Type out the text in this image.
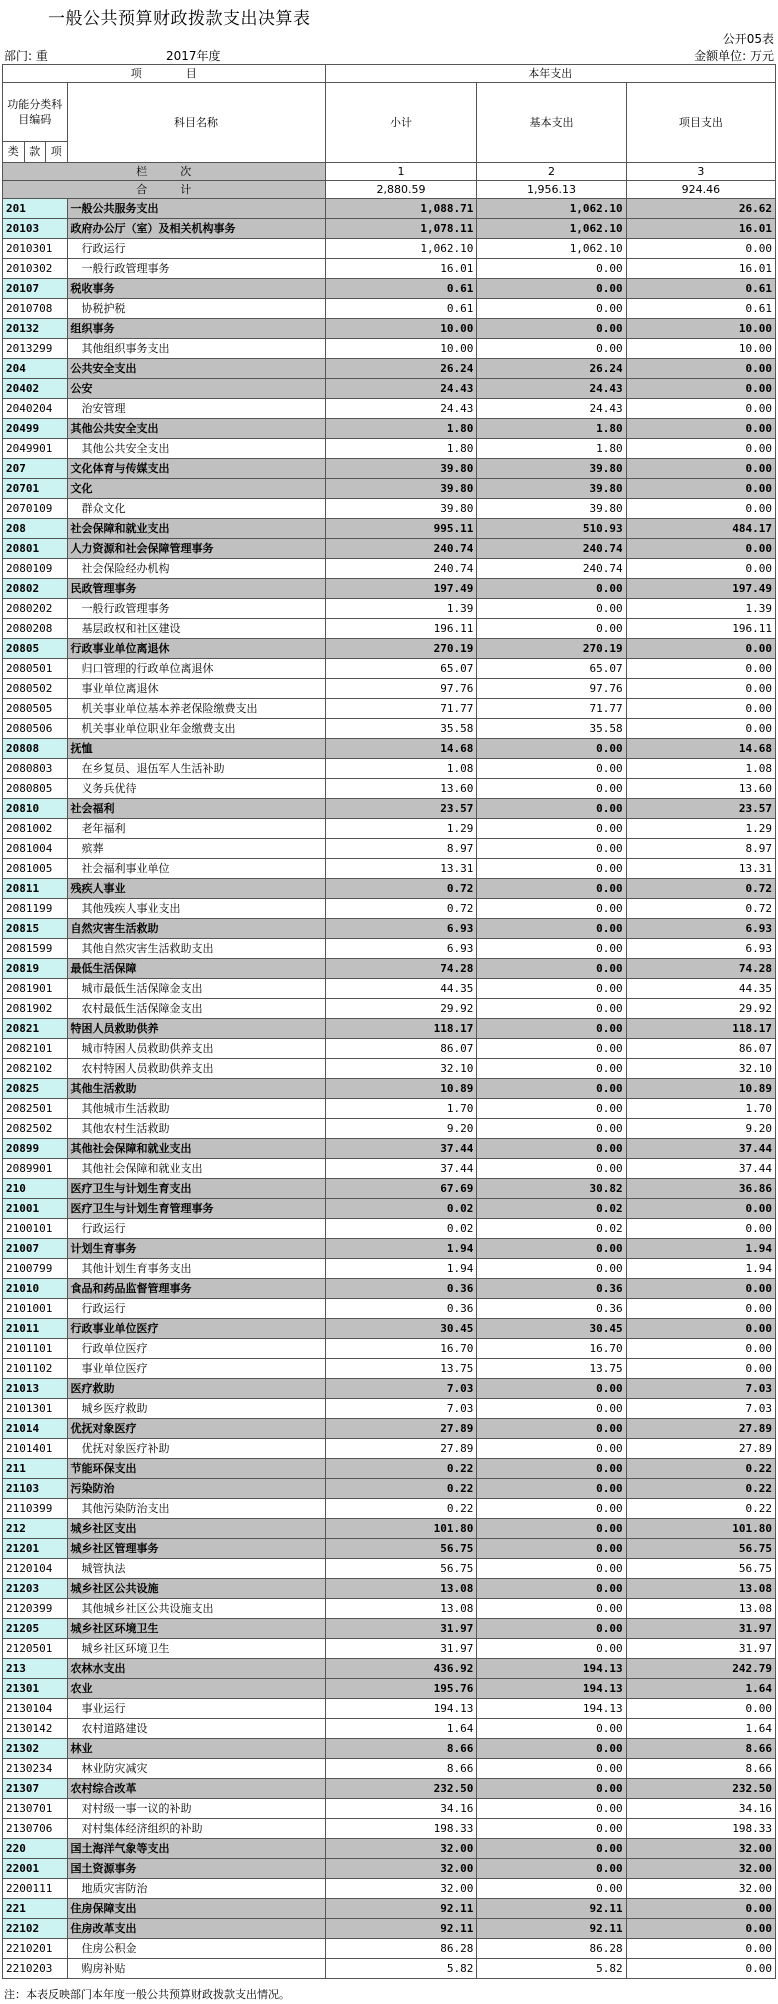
一般公共预算财政拨款支出决算表
公开05表
部门: 重	2017年度	金额单位: 万元
项　　　　目				本年支出		
功能分类科目编码			科目名称	小计	基本支出	项目支出
类	款	项				
栏　　　次				1	2	3
合　　　计				2,880.59	1,956.13	924.46
201			一般公共服务支出	1,088.71	1,062.10	26.62
20103			政府办公厅（室）及相关机构事务	1,078.11	1,062.10	16.01
2010301			行政运行	1,062.10	1,062.10	0.00
2010302			一般行政管理事务	16.01	0.00	16.01
20107			税收事务	0.61	0.00	0.61
2010708			协税护税	0.61	0.00	0.61
20132			组织事务	10.00	0.00	10.00
2013299			其他组织事务支出	10.00	0.00	10.00
204			公共安全支出	26.24	26.24	0.00
20402			公安	24.43	24.43	0.00
2040204			治安管理	24.43	24.43	0.00
20499			其他公共安全支出	1.80	1.80	0.00
2049901			其他公共安全支出	1.80	1.80	0.00
207			文化体育与传媒支出	39.80	39.80	0.00
20701			文化	39.80	39.80	0.00
2070109			群众文化	39.80	39.80	0.00
208			社会保障和就业支出	995.11	510.93	484.17
20801			人力资源和社会保障管理事务	240.74	240.74	0.00
2080109			社会保险经办机构	240.74	240.74	0.00
20802			民政管理事务	197.49	0.00	197.49
2080202			一般行政管理事务	1.39	0.00	1.39
2080208			基层政权和社区建设	196.11	0.00	196.11
20805			行政事业单位离退休	270.19	270.19	0.00
2080501			归口管理的行政单位离退休	65.07	65.07	0.00
2080502			事业单位离退休	97.76	97.76	0.00
2080505			机关事业单位基本养老保险缴费支出	71.77	71.77	0.00
2080506			机关事业单位职业年金缴费支出	35.58	35.58	0.00
20808			抚恤	14.68	0.00	14.68
2080803			在乡复员、退伍军人生活补助	1.08	0.00	1.08
2080805			义务兵优待	13.60	0.00	13.60
20810			社会福利	23.57	0.00	23.57
2081002			老年福利	1.29	0.00	1.29
2081004			殡葬	8.97	0.00	8.97
2081005			社会福利事业单位	13.31	0.00	13.31
20811			残疾人事业	0.72	0.00	0.72
2081199			其他残疾人事业支出	0.72	0.00	0.72
20815			自然灾害生活救助	6.93	0.00	6.93
2081599			其他自然灾害生活救助支出	6.93	0.00	6.93
20819			最低生活保障	74.28	0.00	74.28
2081901			城市最低生活保障金支出	44.35	0.00	44.35
2081902			农村最低生活保障金支出	29.92	0.00	29.92
20821			特困人员救助供养	118.17	0.00	118.17
2082101			城市特困人员救助供养支出	86.07	0.00	86.07
2082102			农村特困人员救助供养支出	32.10	0.00	32.10
20825			其他生活救助	10.89	0.00	10.89
2082501			其他城市生活救助	1.70	0.00	1.70
2082502			其他农村生活救助	9.20	0.00	9.20
20899			其他社会保障和就业支出	37.44	0.00	37.44
2089901			其他社会保障和就业支出	37.44	0.00	37.44
210			医疗卫生与计划生育支出	67.69	30.82	36.86
21001			医疗卫生与计划生育管理事务	0.02	0.02	0.00
2100101			行政运行	0.02	0.02	0.00
21007			计划生育事务	1.94	0.00	1.94
2100799			其他计划生育事务支出	1.94	0.00	1.94
21010			食品和药品监督管理事务	0.36	0.36	0.00
2101001			行政运行	0.36	0.36	0.00
21011			行政事业单位医疗	30.45	30.45	0.00
2101101			行政单位医疗	16.70	16.70	0.00
2101102			事业单位医疗	13.75	13.75	0.00
21013			医疗救助	7.03	0.00	7.03
2101301			城乡医疗救助	7.03	0.00	7.03
21014			优抚对象医疗	27.89	0.00	27.89
2101401			优抚对象医疗补助	27.89	0.00	27.89
211			节能环保支出	0.22	0.00	0.22
21103			污染防治	0.22	0.00	0.22
2110399			其他污染防治支出	0.22	0.00	0.22
212			城乡社区支出	101.80	0.00	101.80
21201			城乡社区管理事务	56.75	0.00	56.75
2120104			城管执法	56.75	0.00	56.75
21203			城乡社区公共设施	13.08	0.00	13.08
2120399			其他城乡社区公共设施支出	13.08	0.00	13.08
21205			城乡社区环境卫生	31.97	0.00	31.97
2120501			城乡社区环境卫生	31.97	0.00	31.97
213			农林水支出	436.92	194.13	242.79
21301			农业	195.76	194.13	1.64
2130104			事业运行	194.13	194.13	0.00
2130142			农村道路建设	1.64	0.00	1.64
21302			林业	8.66	0.00	8.66
2130234			林业防灾减灾	8.66	0.00	8.66
21307			农村综合改革	232.50	0.00	232.50
2130701			对村级一事一议的补助	34.16	0.00	34.16
2130706			对村集体经济组织的补助	198.33	0.00	198.33
220			国土海洋气象等支出	32.00	0.00	32.00
22001			国土资源事务	32.00	0.00	32.00
2200111			地质灾害防治	32.00	0.00	32.00
221			住房保障支出	92.11	92.11	0.00
22102			住房改革支出	92.11	92.11	0.00
2210201			住房公积金	86.28	86.28	0.00
2210203			购房补贴	5.82	5.82	0.00
注：本表反映部门本年度一般公共预算财政拨款支出情况。
